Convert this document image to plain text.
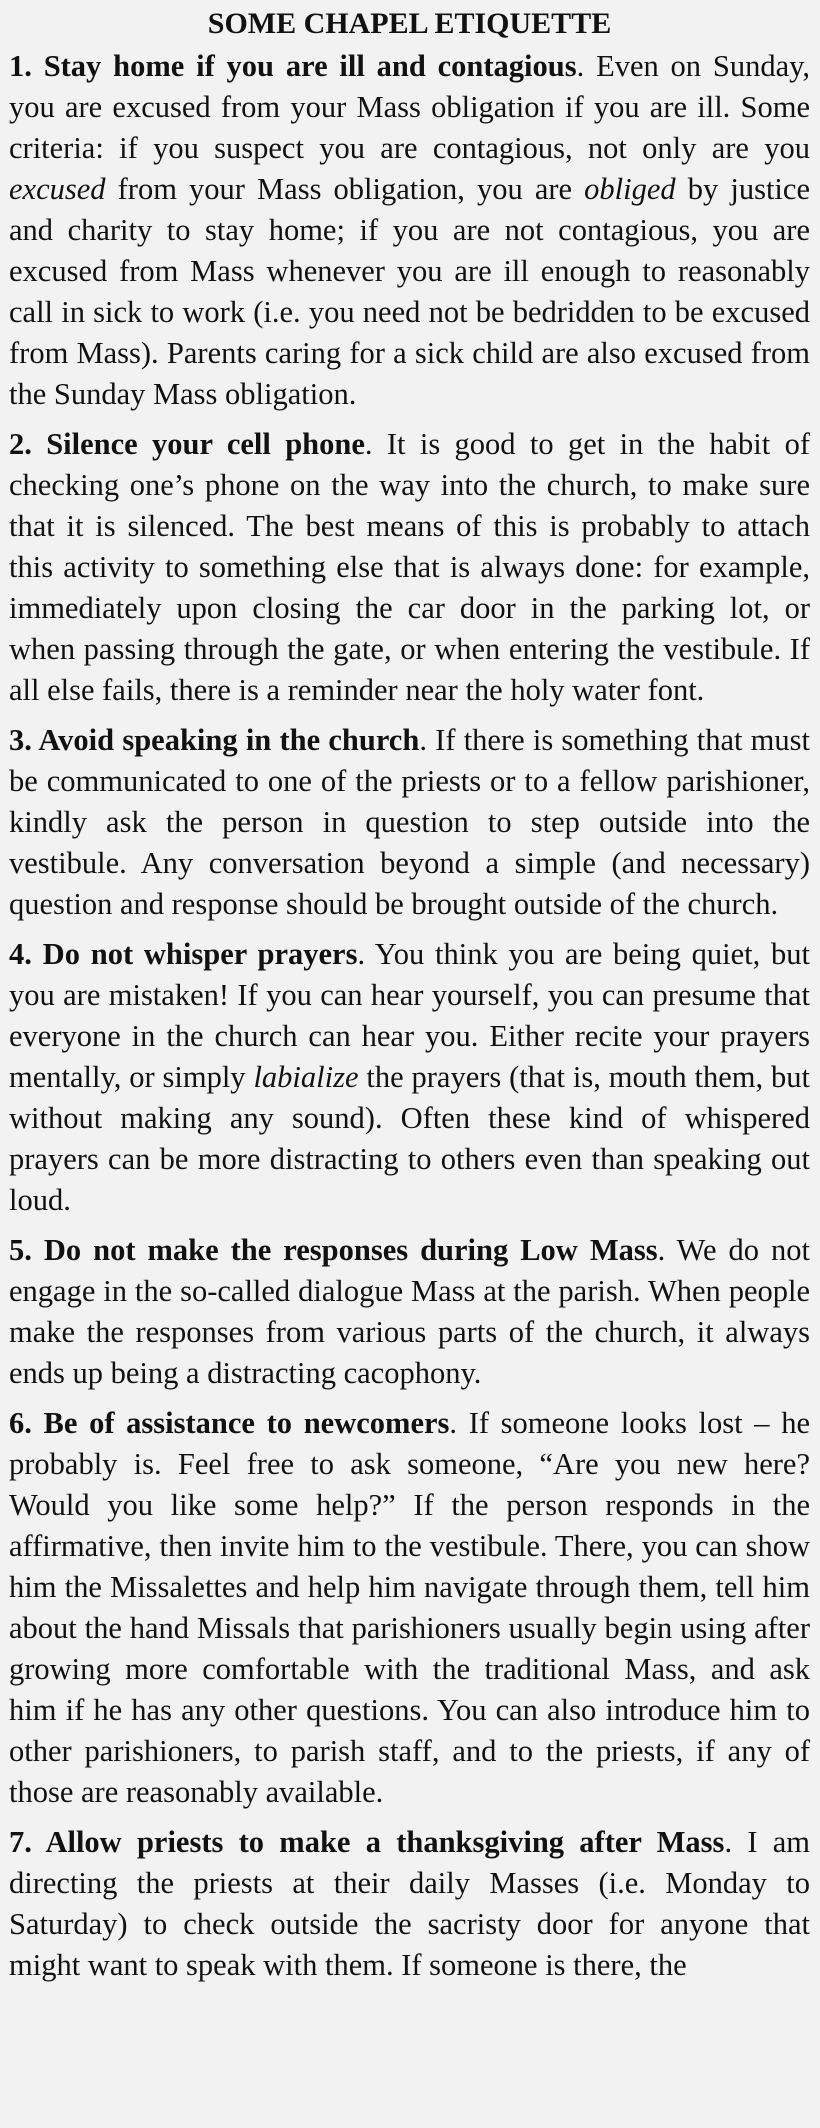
SOME CHAPEL ETIQUETTE

1. Stay home if you are ill and contagious. Even on Sunday, you are excused from your Mass obligation if you are ill. Some criteria: if you suspect you are contagious, not only are you excused from your Mass obligation, you are obliged by justice and charity to stay home; if you are not contagious, you are excused from Mass whenever you are ill enough to reasonably call in sick to work (i.e. you need not be bedridden to be excused from Mass). Parents caring for a sick child are also excused from the Sunday Mass obligation.

2. Silence your cell phone. It is good to get in the habit of checking one’s phone on the way into the church, to make sure that it is silenced. The best means of this is probably to attach this activity to something else that is always done: for example, immediately upon closing the car door in the parking lot, or when passing through the gate, or when entering the vestibule. If all else fails, there is a reminder near the holy water font.

3. Avoid speaking in the church. If there is something that must be communicated to one of the priests or to a fellow parishioner, kindly ask the person in question to step outside into the vestibule. Any conversation beyond a simple (and necessary) question and response should be brought outside of the church.

4. Do not whisper prayers. You think you are being quiet, but you are mistaken! If you can hear yourself, you can presume that everyone in the church can hear you. Either recite your prayers mentally, or simply labialize the prayers (that is, mouth them, but without making any sound). Often these kind of whispered prayers can be more distracting to others even than speaking out loud.

5. Do not make the responses during Low Mass. We do not engage in the so-called dialogue Mass at the parish. When people make the responses from various parts of the church, it always ends up being a distracting cacophony.

6. Be of assistance to newcomers. If someone looks lost – he probably is. Feel free to ask someone, “Are you new here? Would you like some help?” If the person responds in the affirmative, then invite him to the vestibule. There, you can show him the Missalettes and help him navigate through them, tell him about the hand Missals that parishioners usually begin using after growing more comfortable with the traditional Mass, and ask him if he has any other questions. You can also introduce him to other parishioners, to parish staff, and to the priests, if any of those are reasonably available.

7. Allow priests to make a thanksgiving after Mass. I am directing the priests at their daily Masses (i.e. Monday to Saturday) to check outside the sacristy door for anyone that might want to speak with them. If someone is there, the
